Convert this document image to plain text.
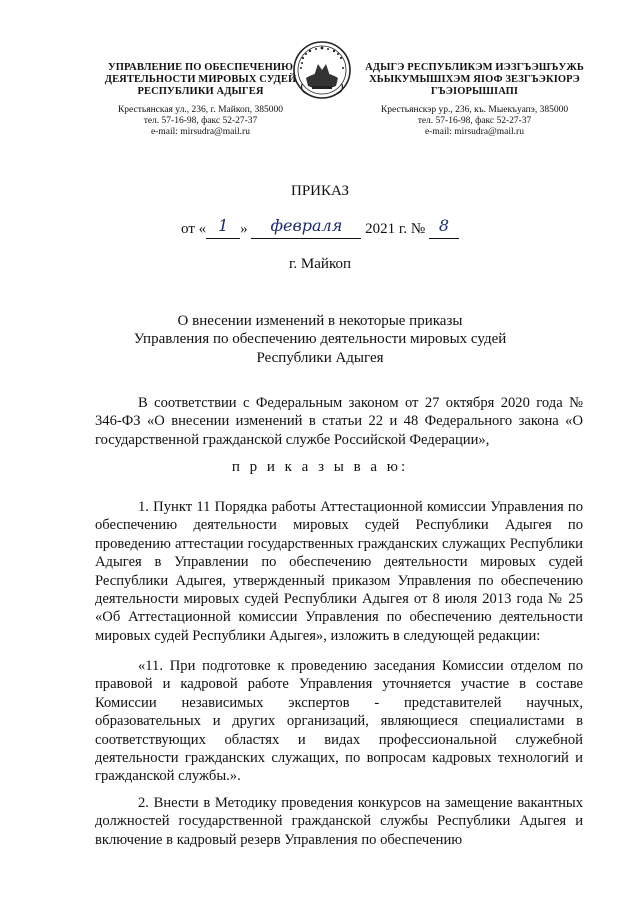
УПРАВЛЕНИЕ ПО ОБЕСПЕЧЕНИЮ ДЕЯТЕЛЬНОСТИ МИРОВЫХ СУДЕЙ РЕСПУБЛИКИ АДЫГЕЯ
Крестьянская ул., 236, г. Майкоп, 385000
тел. 57-16-98, факс 52-27-37
e-mail: mirsudra@mail.ru
АДЫГЭ РЕСПУБЛИКЭМ ИЭЗГЪЭШЪУЖЬ ХЬЫКУМЫШІХЭМ ЯІОФ ЗЕЗГЪЭКІОРЭ ГЪЭІОРЫШІАПІ
Крестьянскэр ур., 236, къ. Мыекъуапэ, 385000
тел. 57-16-98, факс 52-27-37
e-mail: mirsudra@mail.ru
ПРИКАЗ
от « 1 » февраля 2021 г. № 8
г. Майкоп
О внесении изменений в некоторые приказы
Управления по обеспечению деятельности мировых судей
Республики Адыгея
В соответствии с Федеральным законом от 27 октября 2020 года № 346-ФЗ «О внесении изменений в статьи 22 и 48 Федерального закона «О государственной гражданской службе Российской Федерации»,
п р и к а з ы в а ю:
1. Пункт 11 Порядка работы Аттестационной комиссии Управления по обеспечению деятельности мировых судей Республики Адыгея по проведению аттестации государственных гражданских служащих Республики Адыгея в Управлении по обеспечению деятельности мировых судей Республики Адыгея, утвержденный приказом Управления по обеспечению деятельности мировых судей Республики Адыгея от 8 июля 2013 года № 25 «Об Аттестационной комиссии Управления по обеспечению деятельности мировых судей Республики Адыгея», изложить в следующей редакции:
«11. При подготовке к проведению заседания Комиссии отделом по правовой и кадровой работе Управления уточняется участие в составе Комиссии независимых экспертов - представителей научных, образовательных и других организаций, являющиеся специалистами в соответствующих областях и видах профессиональной служебной деятельности гражданских служащих, по вопросам кадровых технологий и гражданской службы.».
2. Внести в Методику проведения конкурсов на замещение вакантных должностей государственной гражданской службы Республики Адыгея и включение в кадровый резерв Управления по обеспечению
